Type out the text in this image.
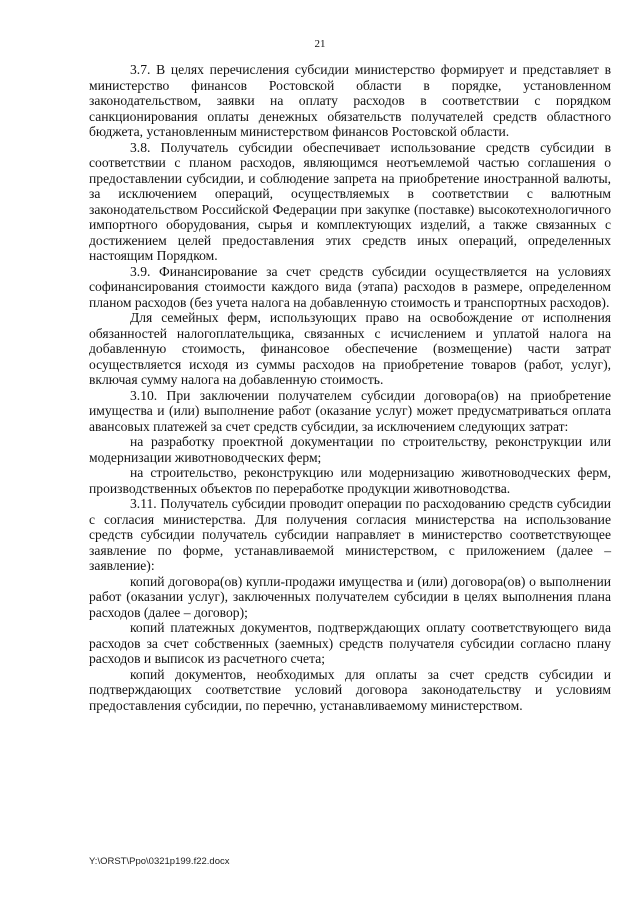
21

3.7. В целях перечисления субсидии министерство формирует и представляет в министерство финансов Ростовской области в порядке, установленном законодательством, заявки на оплату расходов в соответствии с порядком санкционирования оплаты денежных обязательств получателей средств областного бюджета, установленным министерством финансов Ростовской области.

3.8. Получатель субсидии обеспечивает использование средств субсидии в соответствии с планом расходов, являющимся неотъемлемой частью соглашения о предоставлении субсидии, и соблюдение запрета на приобретение иностранной валюты, за исключением операций, осуществляемых в соответствии с валютным законодательством Российской Федерации при закупке (поставке) высокотехнологичного импортного оборудования, сырья и комплектующих изделий, а также связанных с достижением целей предоставления этих средств иных операций, определенных настоящим Порядком.

3.9. Финансирование за счет средств субсидии осуществляется на условиях софинансирования стоимости каждого вида (этапа) расходов в размере, определенном планом расходов (без учета налога на добавленную стоимость и транспортных расходов).

Для семейных ферм, использующих право на освобождение от исполнения обязанностей налогоплательщика, связанных с исчислением и уплатой налога на добавленную стоимость, финансовое обеспечение (возмещение) части затрат осуществляется исходя из суммы расходов на приобретение товаров (работ, услуг), включая сумму налога на добавленную стоимость.

3.10. При заключении получателем субсидии договора(ов) на приобретение имущества и (или) выполнение работ (оказание услуг) может предусматриваться оплата авансовых платежей за счет средств субсидии, за исключением следующих затрат:

на разработку проектной документации по строительству, реконструкции или модернизации животноводческих ферм;

на строительство, реконструкцию или модернизацию животноводческих ферм, производственных объектов по переработке продукции животноводства.

3.11. Получатель субсидии проводит операции по расходованию средств субсидии с согласия министерства. Для получения согласия министерства на использование средств субсидии получатель субсидии направляет в министерство соответствующее заявление по форме, устанавливаемой министерством, с приложением (далее – заявление):

копий договора(ов) купли-продажи имущества и (или) договора(ов) о выполнении работ (оказании услуг), заключенных получателем субсидии в целях выполнения плана расходов (далее – договор);

копий платежных документов, подтверждающих оплату соответствующего вида расходов за счет собственных (заемных) средств получателя субсидии согласно плану расходов и выписок из расчетного счета;

копий документов, необходимых для оплаты за счет средств субсидии и подтверждающих соответствие условий договора законодательству и условиям предоставления субсидии, по перечню, устанавливаемому министерством.

Y:\ORST\Ppo\0321p199.f22.docx
